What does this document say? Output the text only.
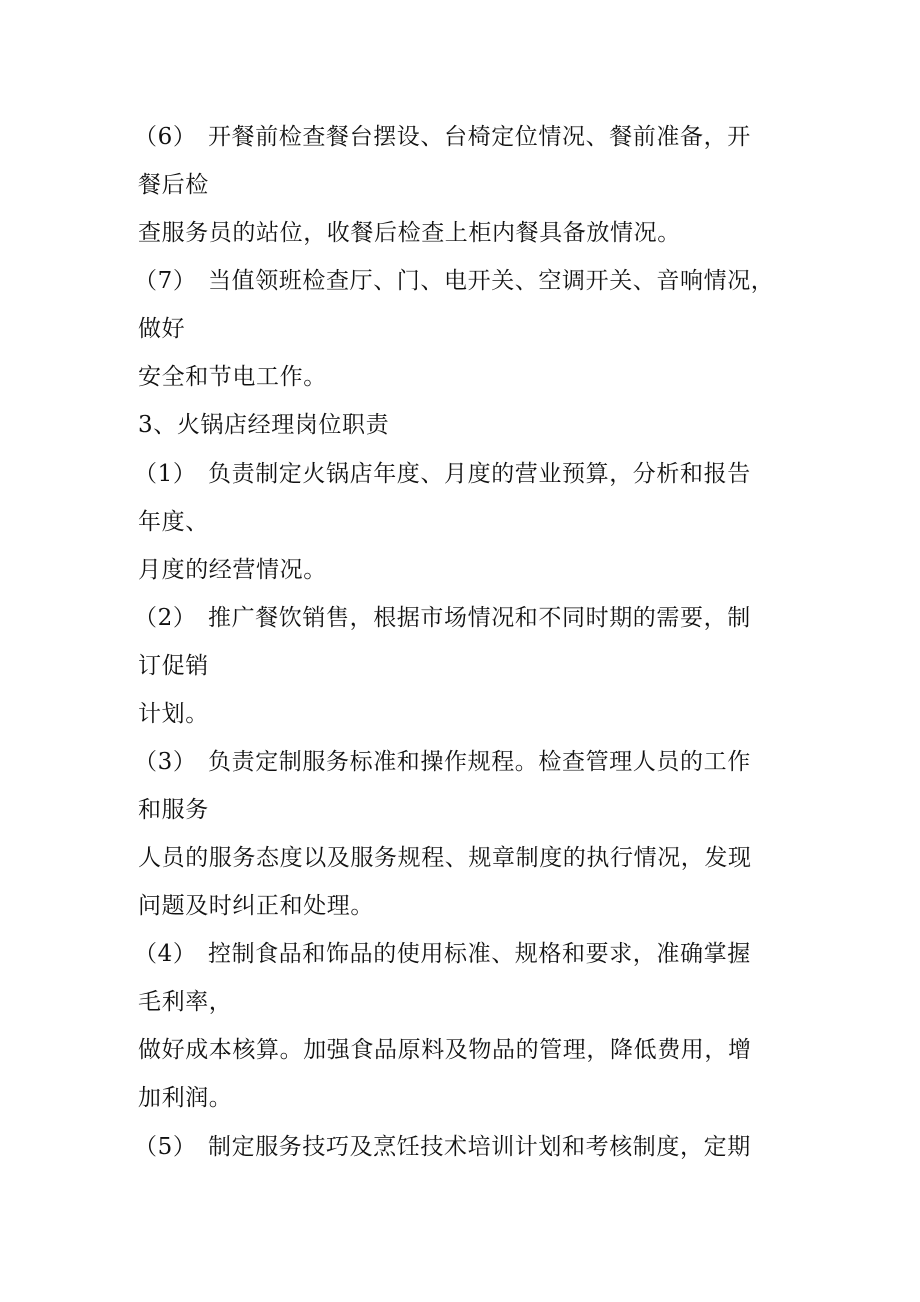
（6） 开餐前检查餐台摆设、台椅定位情况、餐前准备，开
餐后检
查服务员的站位，收餐后检查上柜内餐具备放情况。
（7） 当值领班检查厅、门、电开关、空调开关、音响情况，
做好
安全和节电工作。
3、火锅店经理岗位职责
（1） 负责制定火锅店年度、月度的营业预算，分析和报告
年度、
月度的经营情况。
（2） 推广餐饮销售，根据市场情况和不同时期的需要，制
订促销
计划。
（3） 负责定制服务标准和操作规程。检查管理人员的工作
和服务
人员的服务态度以及服务规程、规章制度的执行情况，发现
问题及时纠正和处理。
（4） 控制食品和饰品的使用标准、规格和要求，准确掌握
毛利率，
做好成本核算。加强食品原料及物品的管理，降低费用，增
加利润。
（5） 制定服务技巧及烹饪技术培训计划和考核制度，定期
